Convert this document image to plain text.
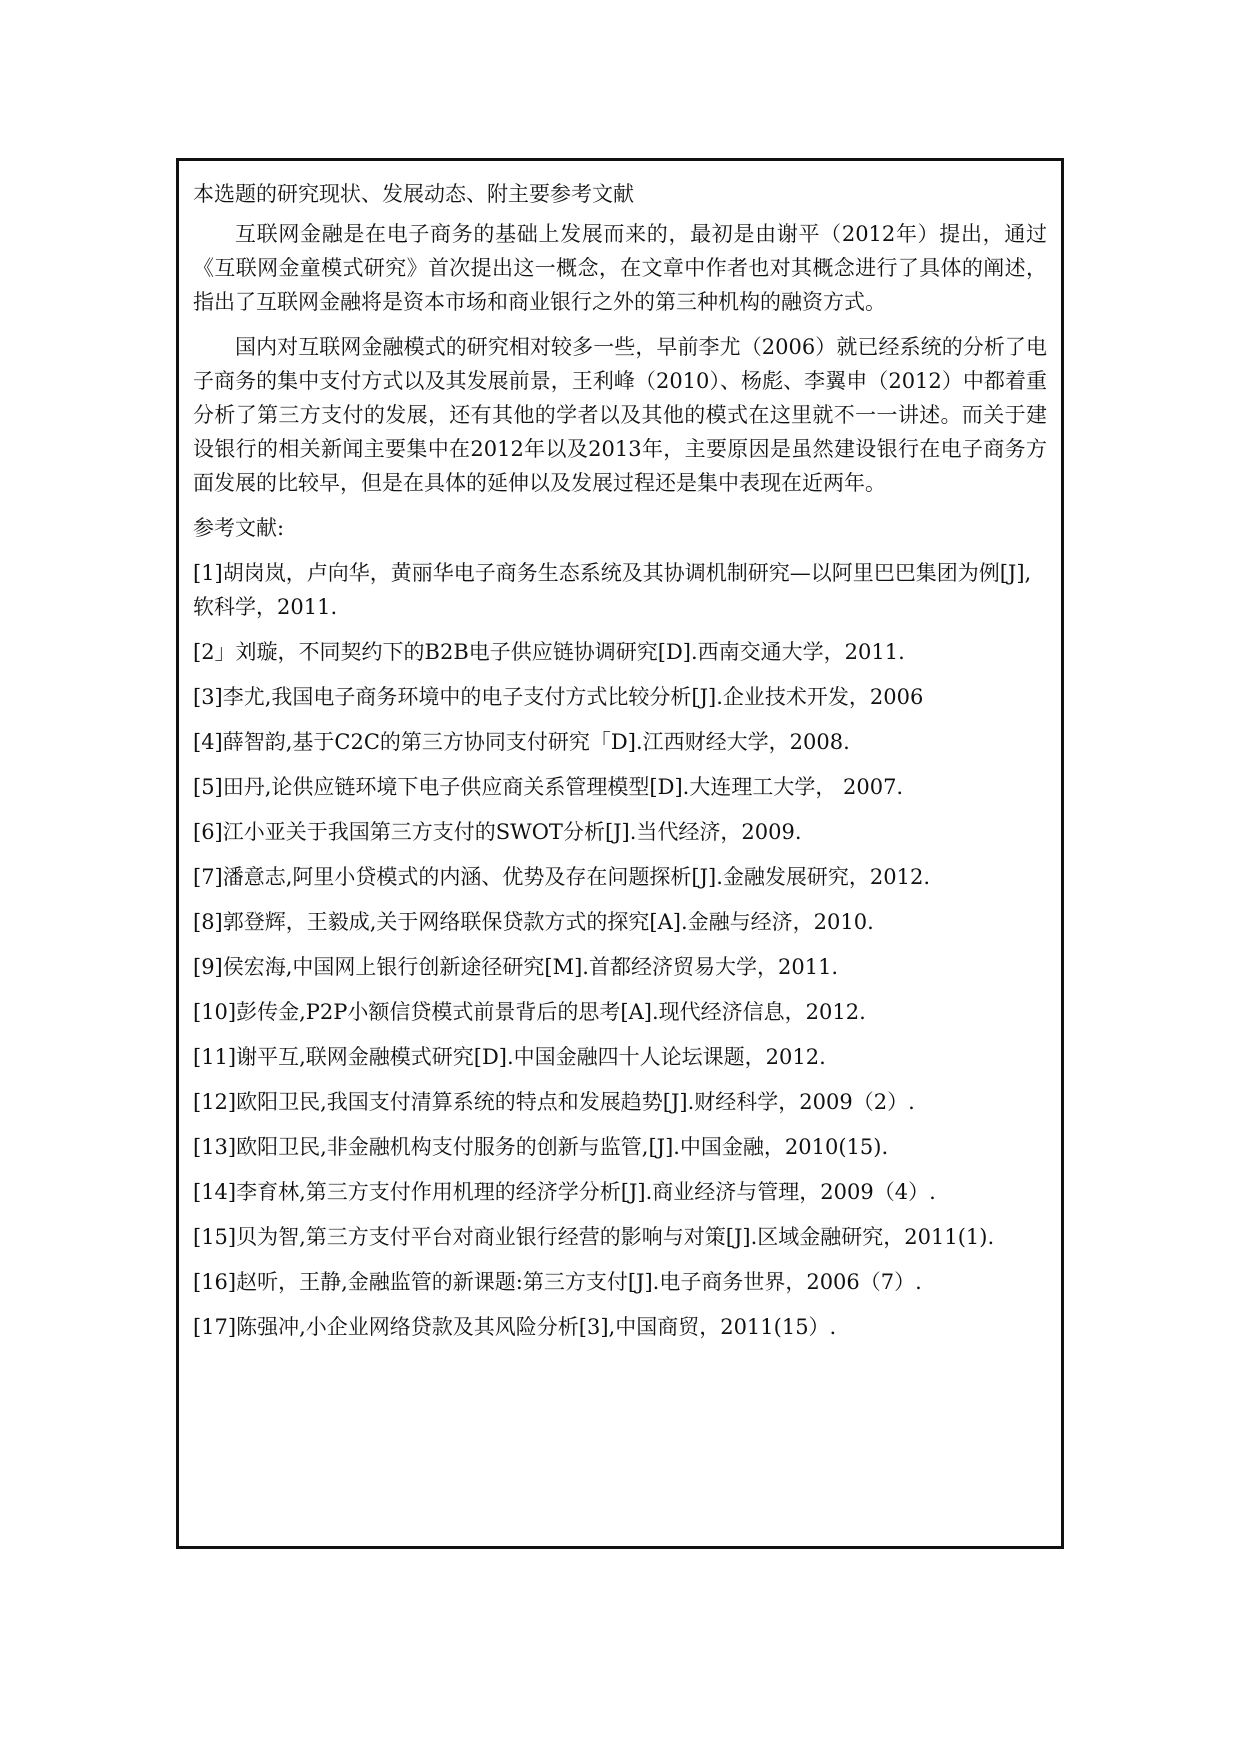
本选题的研究现状、发展动态、附主要参考文献

互联网金融是在电子商务的基础上发展而来的，最初是由谢平（2012年）提出，通过《互联网金童模式研究》首次提出这一概念，在文章中作者也对其概念进行了具体的阐述，指出了互联网金融将是资本市场和商业银行之外的第三种机构的融资方式。

国内对互联网金融模式的研究相对较多一些，早前李尤（2006）就已经系统的分析了电子商务的集中支付方式以及其发展前景，王利峰（2010）、杨彪、李翼申（2012）中都着重分析了第三方支付的发展，还有其他的学者以及其他的模式在这里就不一一讲述。而关于建设银行的相关新闻主要集中在2012年以及2013年，主要原因是虽然建设银行在电子商务方面发展的比较早，但是在具体的延伸以及发展过程还是集中表现在近两年。

参考文献:
[1]胡岗岚，卢向华，黄丽华电子商务生态系统及其协调机制研究—以阿里巴巴集团为例[J],软科学，2011.
[2」刘璇，不同契约下的B2B电子供应链协调研究[D].西南交通大学，2011.
[3]李尤,我国电子商务环境中的电子支付方式比较分析[J].企业技术开发，2006
[4]薛智韵,基于C2C的第三方协同支付研究「D].江西财经大学，2008.
[5]田丹,论供应链环境下电子供应商关系管理模型[D].大连理工大学， 2007.
[6]江小亚关于我国第三方支付的SWOT分析[J].当代经济，2009.
[7]潘意志,阿里小贷模式的内涵、优势及存在问题探析[J].金融发展研究，2012.
[8]郭登辉，王毅成,关于网络联保贷款方式的探究[A].金融与经济，2010.
[9]侯宏海,中国网上银行创新途径研究[M].首都经济贸易大学，2011.
[10]彭传金,P2P小额信贷模式前景背后的思考[A].现代经济信息，2012.
[11]谢平互,联网金融模式研究[D].中国金融四十人论坛课题，2012.
[12]欧阳卫民,我国支付清算系统的特点和发展趋势[J].财经科学，2009（2）.
[13]欧阳卫民,非金融机构支付服务的创新与监管,[J].中国金融，2010(15).
[14]李育林,第三方支付作用机理的经济学分析[J].商业经济与管理，2009（4）.
[15]贝为智,第三方支付平台对商业银行经营的影响与对策[J].区域金融研究，2011(1).
[16]赵听，王静,金融监管的新课题:第三方支付[J].电子商务世界，2006（7）.
[17]陈强冲,小企业网络贷款及其风险分析[3],中国商贸，2011(15）.
